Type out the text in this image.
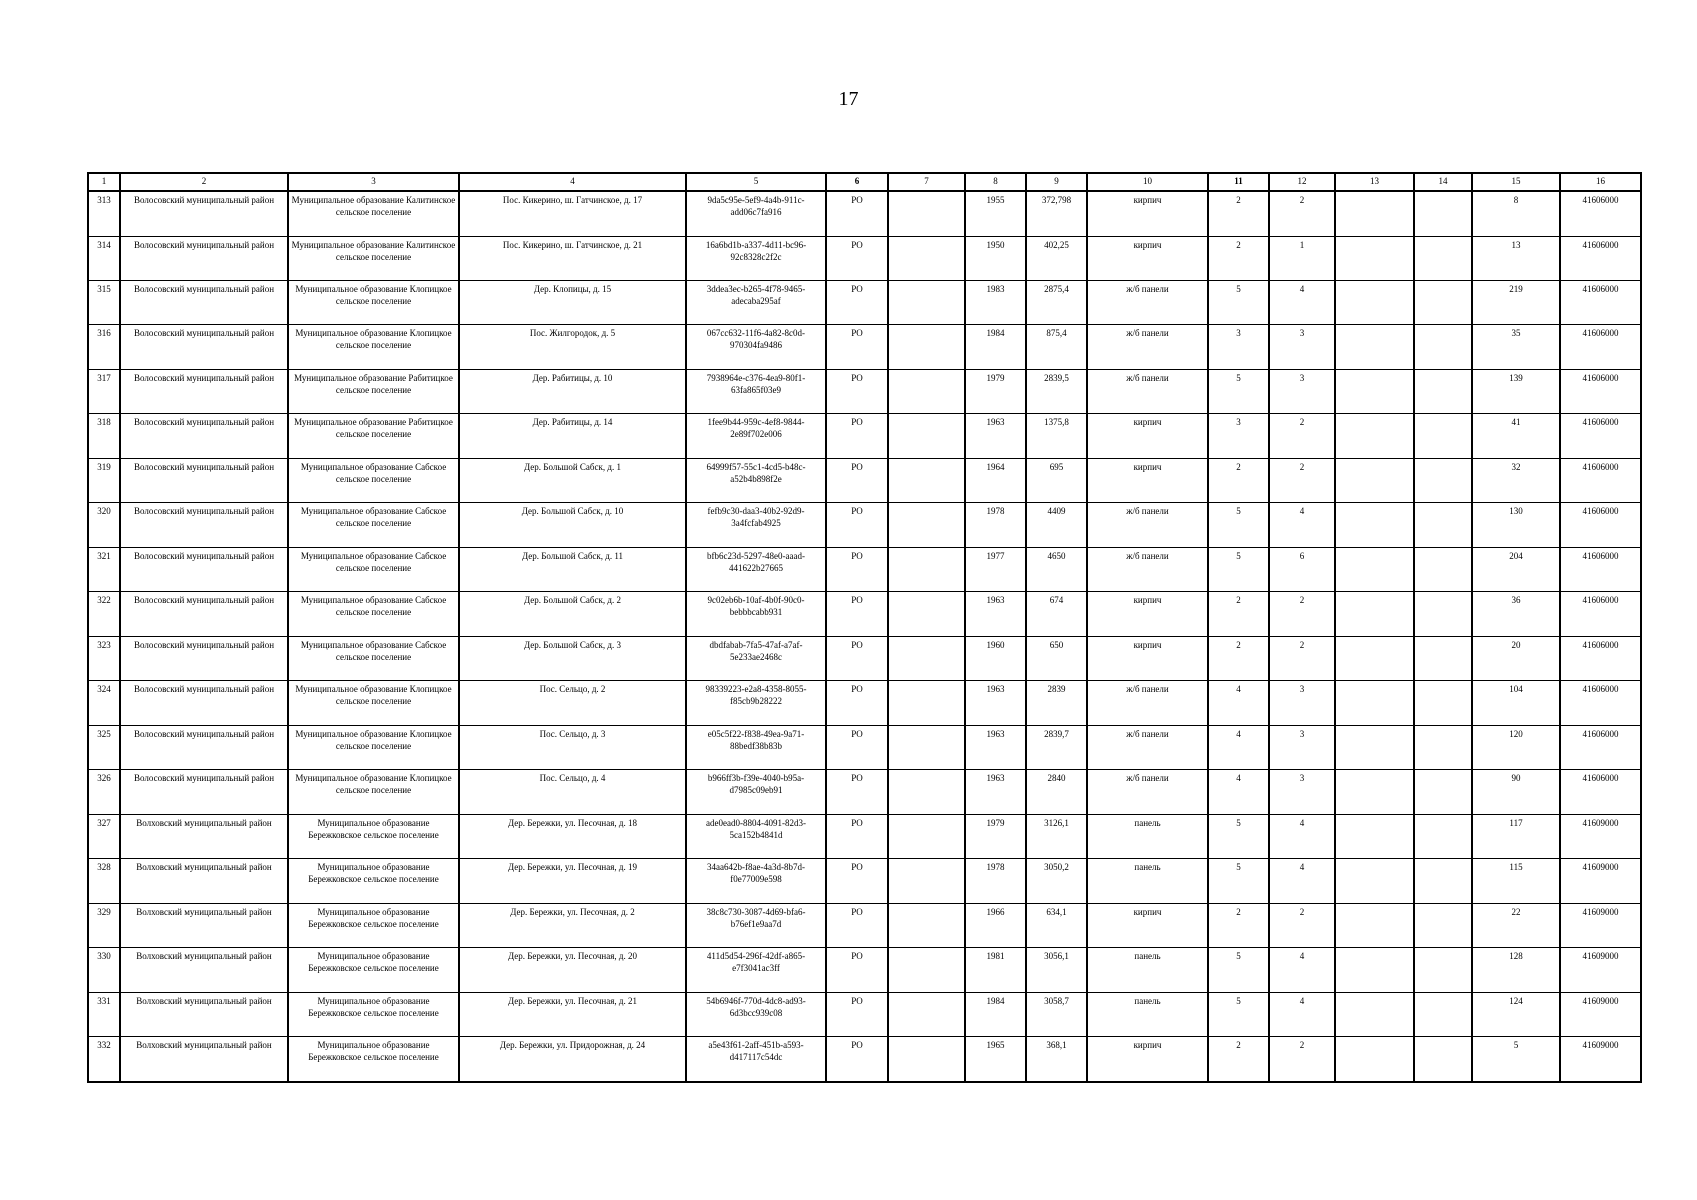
17
1	2	3	4	5	6	7	8	9	10	11	12	13	14	15	16
313	Волосовский муниципальный район	Муниципальное образование Калитинское сельское поселение	Пос. Кикерино, ш. Гатчинское, д. 17	9da5c95e-5ef9-4a4b-911c-add06c7fa916	РО		1955	372,798	кирпич	2	2			8	41606000
314	Волосовский муниципальный район	Муниципальное образование Калитинское сельское поселение	Пос. Кикерино, ш. Гатчинское, д. 21	16a6bd1b-a337-4d11-bc96-92c8328c2f2c	РО		1950	402,25	кирпич	2	1			13	41606000
315	Волосовский муниципальный район	Муниципальное образование Клопицкое сельское поселение	Дер. Клопицы, д. 15	3ddea3ec-b265-4f78-9465-adecaba295af	РО		1983	2875,4	ж/б панели	5	4			219	41606000
316	Волосовский муниципальный район	Муниципальное образование Клопицкое сельское поселение	Пос. Жилгородок, д. 5	067cc632-11f6-4a82-8c0d-970304fa9486	РО		1984	875,4	ж/б панели	3	3			35	41606000
317	Волосовский муниципальный район	Муниципальное образование Рабитицкое сельское поселение	Дер. Рабитицы, д. 10	7938964e-c376-4ea9-80f1-63fa865f03e9	РО		1979	2839,5	ж/б панели	5	3			139	41606000
318	Волосовский муниципальный район	Муниципальное образование Рабитицкое сельское поселение	Дер. Рабитицы, д. 14	1fee9b44-959c-4ef8-9844-2e89f702e006	РО		1963	1375,8	кирпич	3	2			41	41606000
319	Волосовский муниципальный район	Муниципальное образование Сабское сельское поселение	Дер. Большой Сабск, д. 1	64999f57-55c1-4cd5-b48c-a52b4b898f2e	РО		1964	695	кирпич	2	2			32	41606000
320	Волосовский муниципальный район	Муниципальное образование Сабское сельское поселение	Дер. Большой Сабск, д. 10	fefb9c30-daa3-40b2-92d9-3a4fcfab4925	РО		1978	4409	ж/б панели	5	4			130	41606000
321	Волосовский муниципальный район	Муниципальное образование Сабское сельское поселение	Дер. Большой Сабск, д. 11	bfb6c23d-5297-48e0-aaad-441622b27665	РО		1977	4650	ж/б панели	5	6			204	41606000
322	Волосовский муниципальный район	Муниципальное образование Сабское сельское поселение	Дер. Большой Сабск, д. 2	9c02eb6b-10af-4b0f-90c0-bebbbcabb931	РО		1963	674	кирпич	2	2			36	41606000
323	Волосовский муниципальный район	Муниципальное образование Сабское сельское поселение	Дер. Большой Сабск, д. 3	dbdfabab-7fa5-47af-a7af-5e233ae2468c	РО		1960	650	кирпич	2	2			20	41606000
324	Волосовский муниципальный район	Муниципальное образование Клопицкое сельское поселение	Пос. Сельцо, д. 2	98339223-e2a8-4358-8055-f85cb9b28222	РО		1963	2839	ж/б панели	4	3			104	41606000
325	Волосовский муниципальный район	Муниципальное образование Клопицкое сельское поселение	Пос. Сельцо, д. 3	e05c5f22-f838-49ea-9a71-88bedf38b83b	РО		1963	2839,7	ж/б панели	4	3			120	41606000
326	Волосовский муниципальный район	Муниципальное образование Клопицкое сельское поселение	Пос. Сельцо, д. 4	b966ff3b-f39e-4040-b95a-d7985c09eb91	РО		1963	2840	ж/б панели	4	3			90	41606000
327	Волховский муниципальный район	Муниципальное образование Бережковское сельское поселение	Дер. Бережки, ул. Песочная, д. 18	ade0ead0-8804-4091-82d3-5ca152b4841d	РО		1979	3126,1	панель	5	4			117	41609000
328	Волховский муниципальный район	Муниципальное образование Бережковское сельское поселение	Дер. Бережки, ул. Песочная, д. 19	34aa642b-f8ae-4a3d-8b7d-f0e77009e598	РО		1978	3050,2	панель	5	4			115	41609000
329	Волховский муниципальный район	Муниципальное образование Бережковское сельское поселение	Дер. Бережки, ул. Песочная, д. 2	38c8c730-3087-4d69-bfa6-b76ef1e9aa7d	РО		1966	634,1	кирпич	2	2			22	41609000
330	Волховский муниципальный район	Муниципальное образование Бережковское сельское поселение	Дер. Бережки, ул. Песочная, д. 20	411d5d54-296f-42df-a865-e7f3041ac3ff	РО		1981	3056,1	панель	5	4			128	41609000
331	Волховский муниципальный район	Муниципальное образование Бережковское сельское поселение	Дер. Бережки, ул. Песочная, д. 21	54b6946f-770d-4dc8-ad93-6d3bcc939c08	РО		1984	3058,7	панель	5	4			124	41609000
332	Волховский муниципальный район	Муниципальное образование Бережковское сельское поселение	Дер. Бережки, ул. Придорожная, д. 24	a5e43f61-2aff-451b-a593-d417117c54dc	РО		1965	368,1	кирпич	2	2			5	41609000
